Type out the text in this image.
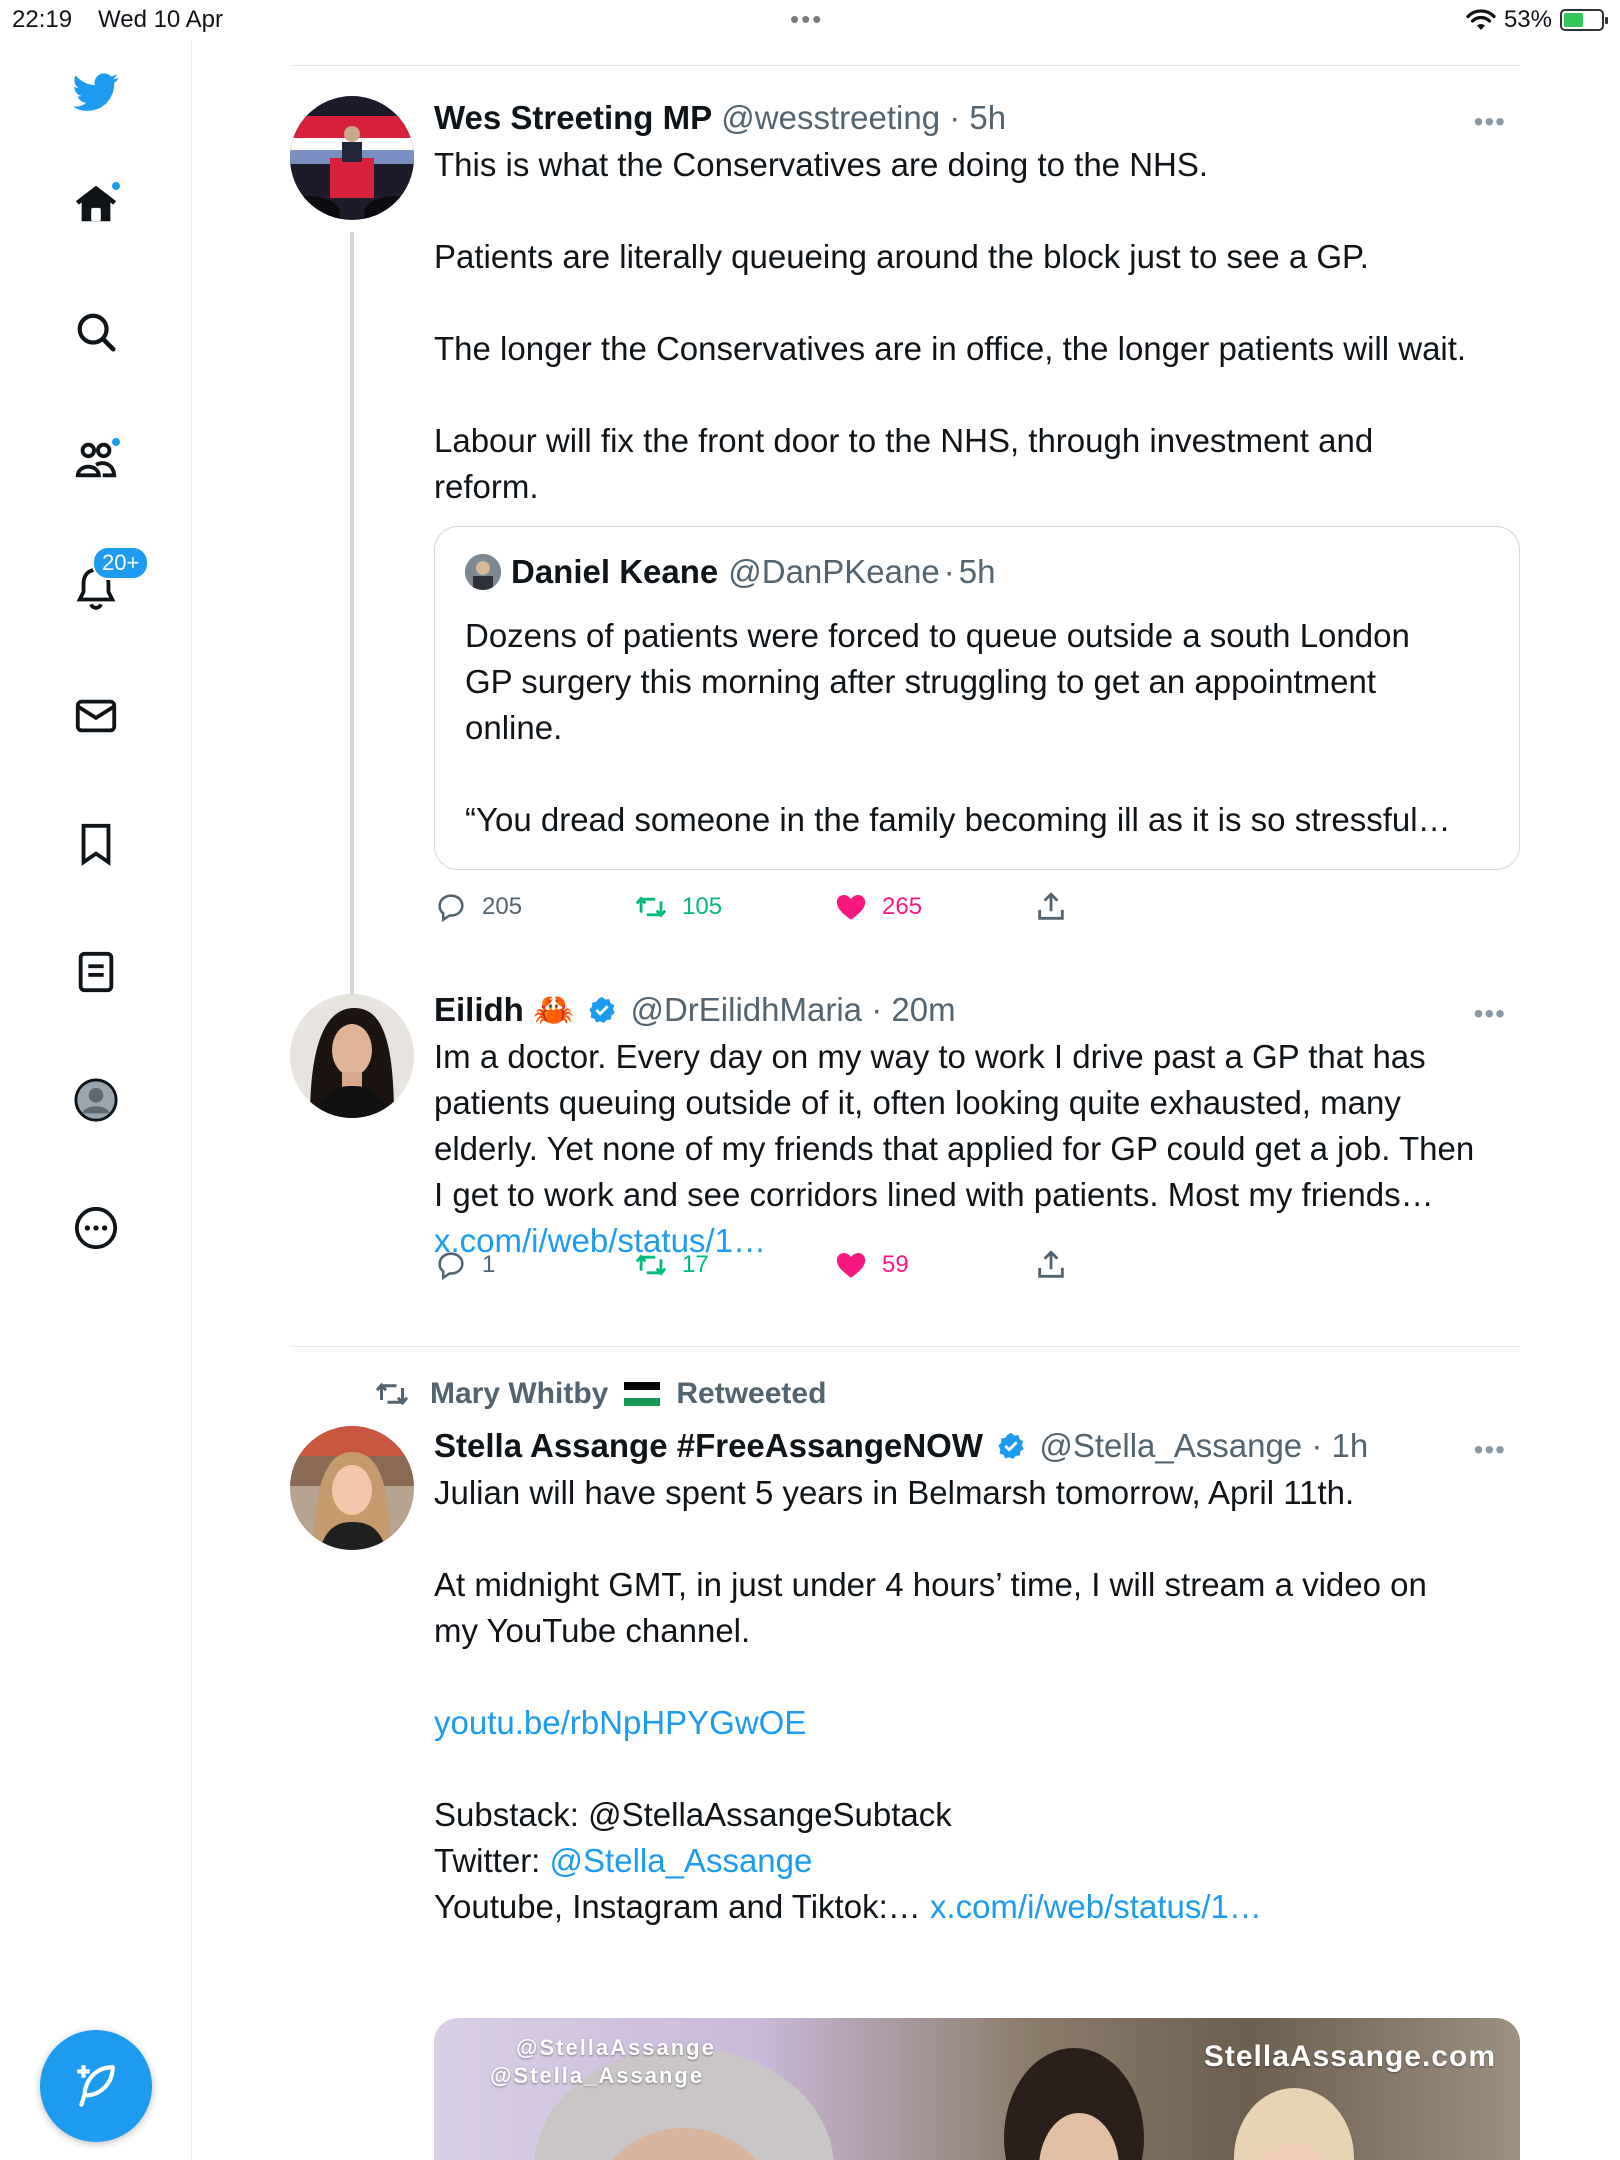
22:19 Wed 10 Apr	•••	53%
20+
Wes Streeting MP @wesstreeting · 5h

This is what the Conservatives are doing to the NHS.

Patients are literally queueing around the block just to see a GP.

The longer the Conservatives are in office, the longer patients will wait.

Labour will fix the front door to the NHS, through investment and

reform.

•••
Daniel Keane @DanPKeane · 5h

Dozens of patients were forced to queue outside a south London

GP surgery this morning after struggling to get an appointment

online.

“You dread someone in the family becoming ill as it is so stressful…

205	105	265
Eilidh 🦀 @DrEilidhMaria · 20m

Im a doctor. Every day on my way to work I drive past a GP that has

patients queuing outside of it, often looking quite exhausted, many

elderly. Yet none of my friends that applied for GP could get a job. Then

I get to work and see corridors lined with patients. Most my friends…

x.com/i/web/status/1…

•••
1	17	59
Mary Whitby Retweeted
Stella Assange #FreeAssangeNOW @Stella_Assange · 1h

Julian will have spent 5 years in Belmarsh tomorrow, April 11th.

At midnight GMT, in just under 4 hours’ time, I will stream a video on

my YouTube channel.

youtu.be/rbNpHPYGwOE

Substack: @StellaAssangeSubtack

Twitter: @Stella_Assange

Youtube, Instagram and Tiktok:… x.com/i/web/status/1…

•••
@StellaAssange
@Stella_Assange
StellaAssange.com
